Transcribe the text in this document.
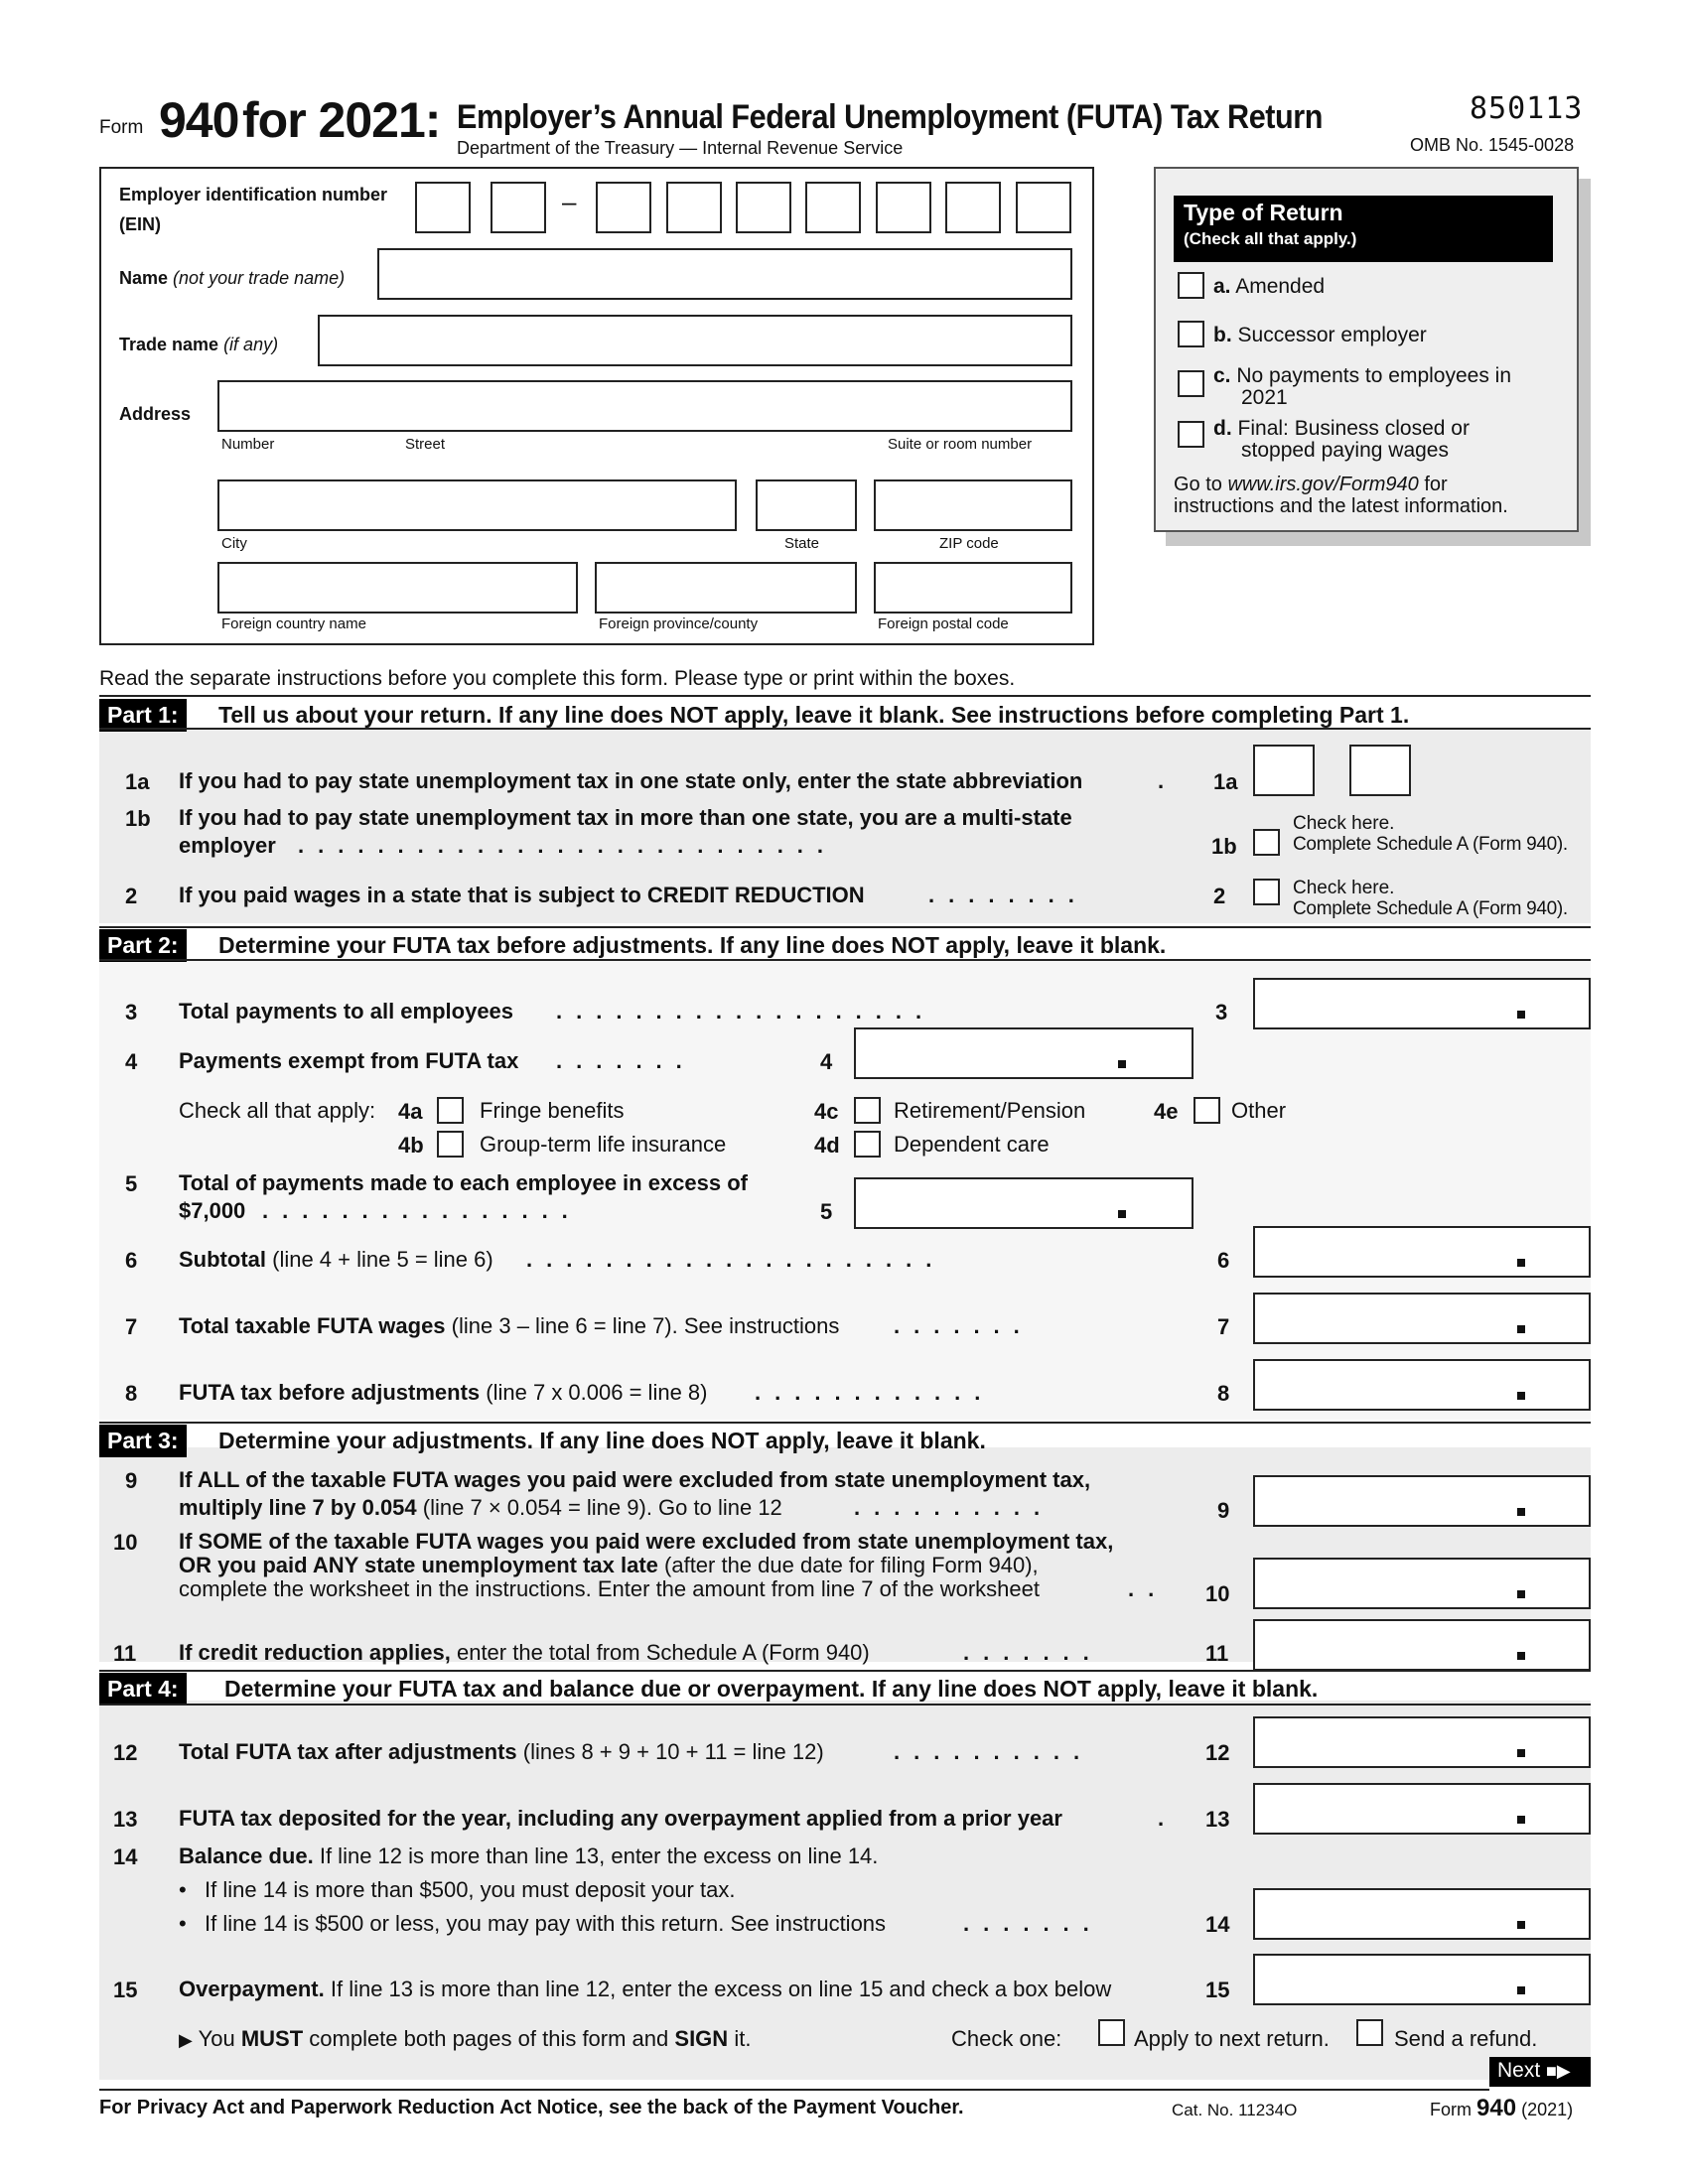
Form 940 for 2021: Employer’s Annual Federal Unemployment (FUTA) Tax Return
Department of the Treasury — Internal Revenue Service
850113
OMB No. 1545-0028
Employer identification number
(EIN)
–
Name (not your trade name)
Trade name (if any)
Address
Number	Street	Suite or room number
City	State	ZIP code
Foreign country name	Foreign province/county	Foreign postal code
Type of Return
(Check all that apply.)
a. Amended
b. Successor employer
c. No payments to employees in
2021
d. Final: Business closed or
stopped paying wages
Go to www.irs.gov/Form940 for
instructions and the latest information.
Read the separate instructions before you complete this form. Please type or print within the boxes.
Part 1:	Tell us about your return. If any line does NOT apply, leave it blank. See instructions before completing Part 1.
1a If you had to pay state unemployment tax in one state only, enter the state abbreviation	. 1a
1b If you had to pay state unemployment tax in more than one state, you are a multi-state
employer ...........................	1b
Check here.
Complete Schedule A (Form 940).
2 If you paid wages in a state that is subject to CREDIT REDUCTION	........	2	Check here.
Complete Schedule A (Form 940).
Part 2:	Determine your FUTA tax before adjustments. If any line does NOT apply, leave it blank.
3 Total payments to all employees ...................	3
4 Payments exempt from FUTA tax .......	4
Check all that apply: 4a	Fringe benefits
4b	Group-term life insurance
4c	Retirement/Pension
4d Dependent care
4e Other
5 Total of payments made to each employee in excess of
$7,000 ................	5
6 Subtotal (line 4 + line 5 = line 6) .....................	6
7 Total taxable FUTA wages (line 3 – line 6 = line 7). See instructions .......	7
8 FUTA tax before adjustments (line 7 x 0.006 = line 8) ............	8
Part 3:	Determine your adjustments. If any line does NOT apply, leave it blank.
9 If ALL of the taxable FUTA wages you paid were excluded from state unemployment tax,
multiply line 7 by 0.054 (line 7 × 0.054 = line 9). Go to line 12	..........	9
10 If SOME of the taxable FUTA wages you paid were excluded from state unemployment tax,
OR you paid ANY state unemployment tax late (after the due date for filing Form 940),
complete the worksheet in the instructions. Enter the amount from line 7 of the worksheet	.. 10
11 If credit reduction applies, enter the total from Schedule A (Form 940)	.......	11
Part 4:	Determine your FUTA tax and balance due or overpayment. If any line does NOT apply, leave it blank.
12 Total FUTA tax after adjustments (lines 8 + 9 + 10 + 11 = line 12)	..........	12
13 FUTA tax deposited for the year, including any overpayment applied from a prior year	. 13
14 Balance due. If line 12 is more than line 13, enter the excess on line 14.
•   If line 14 is more than $500, you must deposit your tax.
•   If line 14 is $500 or less, you may pay with this return. See instructions	.......	14
15 Overpayment. If line 13 is more than line 12, enter the excess on line 15 and check a box below	15
▶ You MUST complete both pages of this form and SIGN it.	Check one:	Apply to next return.	Send a refund.
Next ■▶
For Privacy Act and Paperwork Reduction Act Notice, see the back of the Payment Voucher.	Cat. No. 11234O	Form 940 (2021)
